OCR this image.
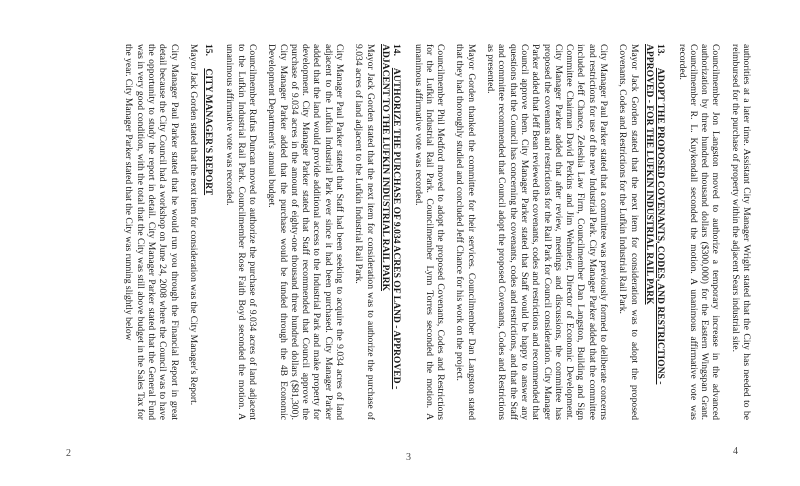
authorities at a later time. Assistant City Manager Wright stated that the City has needed to be reimbursed for the purchase of property within the adjacent Sears industrial site.

Councilmember Jon Langston moved to authorize a temporary increase in the advanced authorization by three hundred thousand dollars ($300,000) for the Eastern Wingspan Grant. Councilmember R. L. Kuykendall seconded the motion. A unanimous affirmative vote was recorded.

13. ADOPT THE PROPOSED COVENANTS, CODES, AND RESTRICTIONS - APPROVED - FOR THE LUFKIN INDUSTRIAL RAIL PARK

Mayor Jack Gorden stated that the next item for consideration was to adopt the proposed Covenants, Codes and Restrictions for the Lufkin Industrial Rail Park.

City Manager Paul Parker stated that a committee was previously formed to deliberate concerns and restrictions for use of the new Industrial Park. City Manager Parker added that the committee included Jeff Chance, Zeleshia Law Firm, Councilmember Dan Langston, Building and Sign Committee Chairman David Perkins and Jim Wehmeier, Director of Economic Development. City Manager Parker added that after review, meetings and discussions, the committee has proposed the covenants and restrictions for the Rail Park for Council consideration. City Manager Parker added that Jeff Bean reviewed the covenants, codes and restrictions and recommended that Council approve them. City Manager Parker stated that Staff would be happy to answer any questions that the Council has concerning the covenants, codes and restrictions, and that the Staff and committee recommended that Council adopt the proposed Covenants, Codes and Restrictions as presented.

Mayor Gorden thanked the committee for their services. Councilmember Dan Langston stated that they had thoroughly studied and concluded Jeff Chance for his work on the project.

Councilmember Phil Medford moved to adopt the proposed Covenants, Codes and Restrictions for the Lufkin Industrial Rail Park. Councilmember Lynn Torres seconded the motion. A unanimous affirmative vote was recorded.

14. AUTHORIZE THE PURCHASE OF 9.034 ACRES OF LAND - APPROVED - ADJACENT TO THE LUFKIN INDUSTRIAL RAIL PARK

Mayor Jack Gorden stated that the next item for consideration was to authorize the purchase of 9.034 acres of land adjacent to the Lufkin Industrial Rail Park.

City Manager Paul Parker stated that Staff had been seeking to acquire the 9.034 acres of land adjacent to the Lufkin Industrial Park ever since it had been purchased. City Manager Parker added that the land would provide additional access to the Industrial Park and make property for development. City Manager Parker stated that Staff recommended that Council approve the purchase of 9.034 acres in the amount of eighty-one thousand three hundred dollars ($81,300). City Manager Parker added that the purchase would be funded through the 4B Economic Development Department's annual budget.

Councilmember Rufus Duncan moved to authorize the purchase of 9.034 acres of land adjacent to the Lufkin Industrial Rail Park. Councilmember Rose Faith Boyd seconded the motion. A unanimous affirmative vote was recorded.

15. CITY MANAGER'S REPORT

Mayor Jack Gorden stated that the next item for consideration was the City Manager's Report.

City Manager Paul Parker stated that he would run you through the Financial Report in great detail because the City Council had a workshop on June 24, 2008 where the Council was to have the opportunity to study the report in detail. City Manager Parker stated that the General Fund was in very good condition, with the total that the City was still above budget in the Sales Tax for the year. City Manager Parker stated that the City was running slightly below

2	3
4
